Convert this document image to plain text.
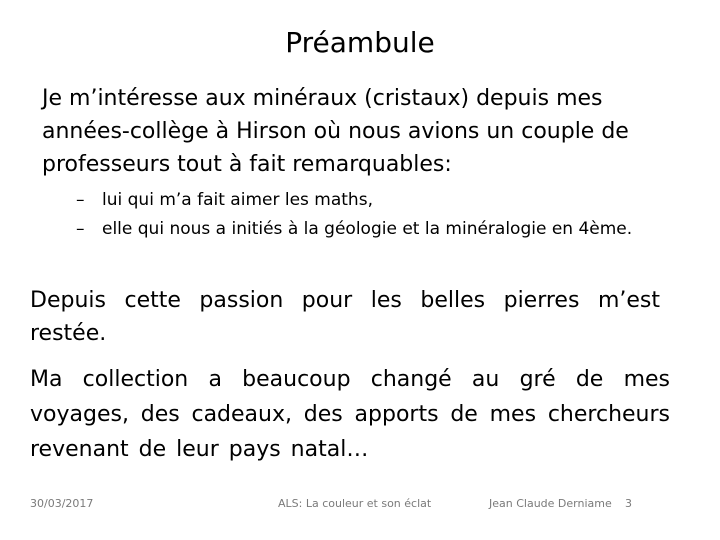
Préambule
Je m’intéresse aux minéraux (cristaux) depuis mes années-collège à Hirson où nous avions un couple de professeurs tout à fait remarquables:
– lui qui m’a fait aimer les maths,
– elle qui nous a initiés à la géologie et la minéralogie en 4ème.
Depuis cette passion pour les belles pierres m’est restée.
Ma collection a beaucoup changé au gré de mes voyages, des cadeaux, des apports de mes chercheurs revenant de leur pays natal…
30/03/2017	ALS: La couleur et son éclat	Jean Claude Derniame 3
